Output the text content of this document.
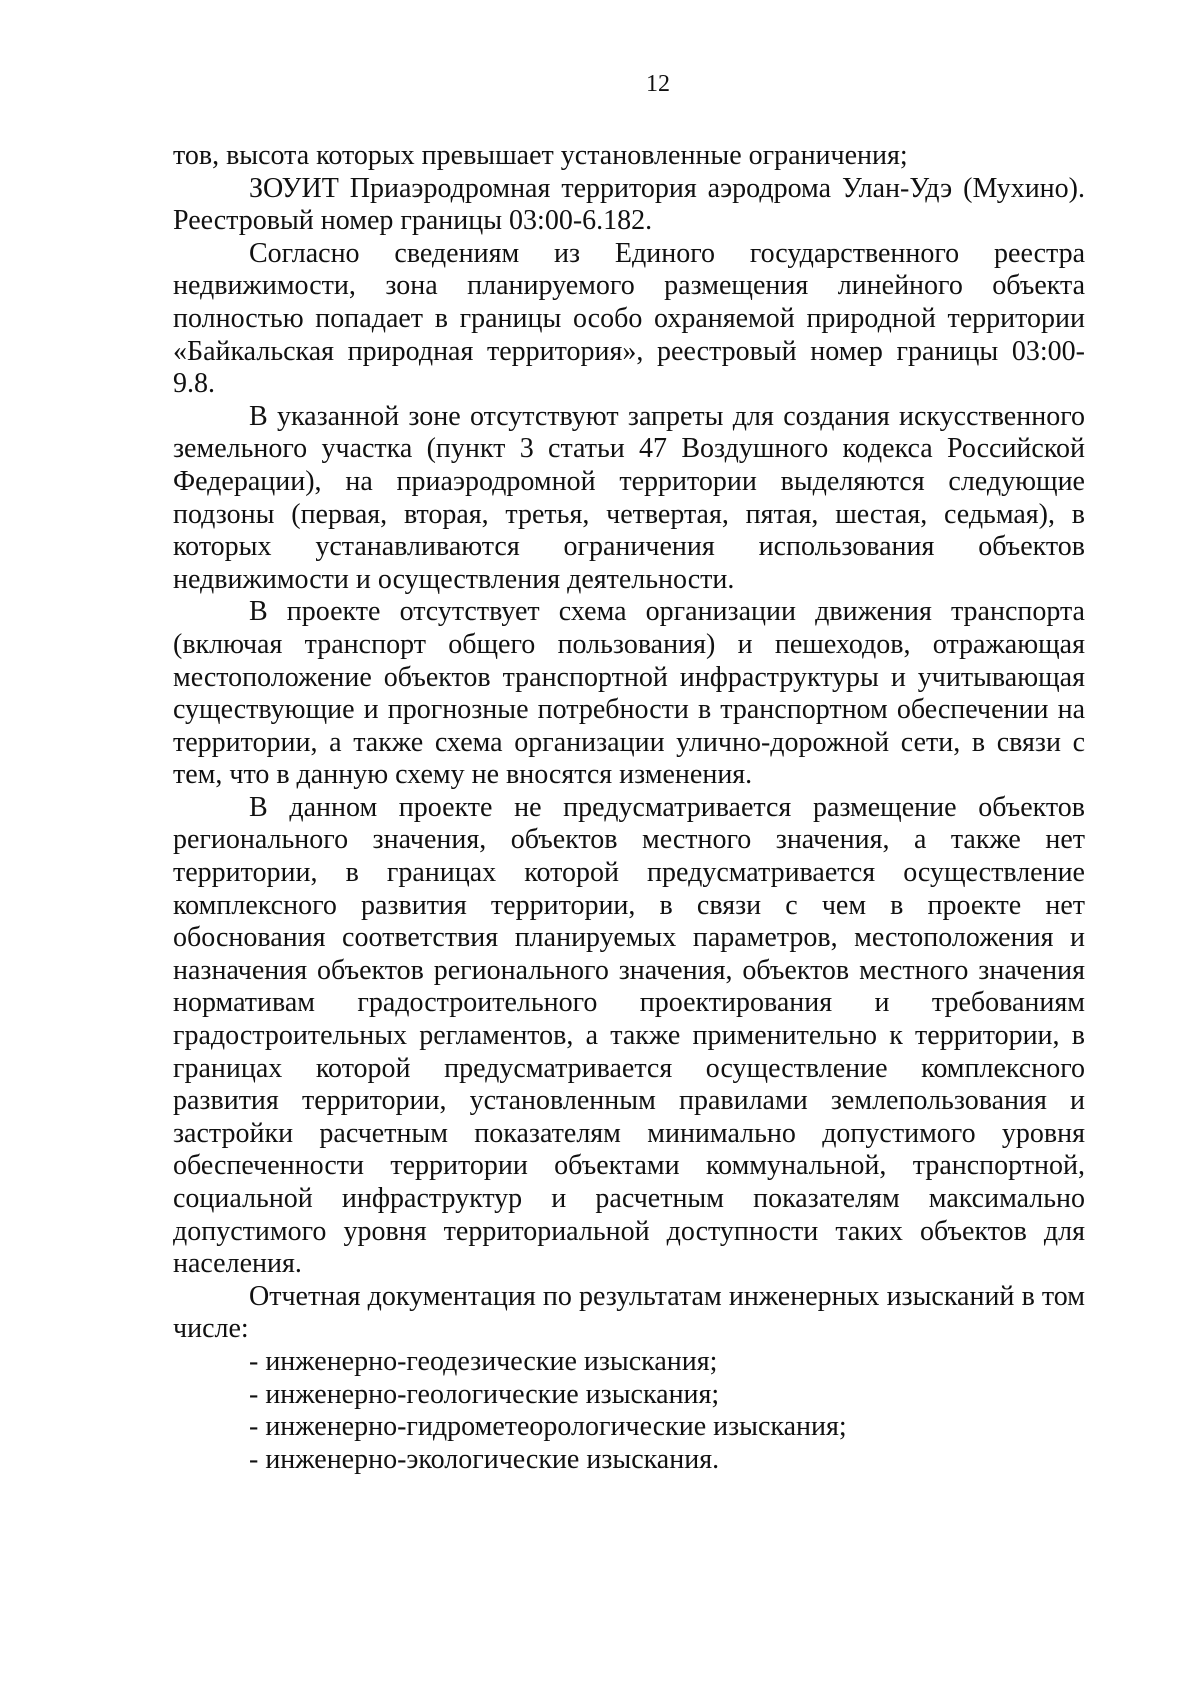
12

тов, высота которых превышает установленные ограничения;

ЗОУИТ Приаэродромная территория аэродрома Улан-Удэ (Мухино). Реестровый номер границы 03:00-6.182.

Согласно сведениям из Единого государственного реестра недвижимости, зона планируемого размещения линейного объекта полностью попадает в границы особо охраняемой природной территории «Байкальская природная территория», реестровый номер границы 03:00-9.8.

В указанной зоне отсутствуют запреты для создания искусственного земельного участка (пункт 3 статьи 47 Воздушного кодекса Российской Федерации), на приаэродромной территории выделяются следующие подзоны (первая, вторая, третья, четвертая, пятая, шестая, седьмая), в которых устанавливаются ограничения использования объектов недвижимости и осуществления деятельности.

В проекте отсутствует схема организации движения транспорта (включая транспорт общего пользования) и пешеходов, отражающая местоположение объектов транспортной инфраструктуры и учитывающая существующие и прогнозные потребности в транспортном обеспечении на территории, а также схема организации улично-дорожной сети, в связи с тем, что в данную схему не вносятся изменения.

В данном проекте не предусматривается размещение объектов регионального значения, объектов местного значения, а также нет территории, в границах которой предусматривается осуществление комплексного развития территории, в связи с чем в проекте нет обоснования соответствия планируемых параметров, местоположения и назначения объектов регионального значения, объектов местного значения нормативам градостроительного проектирования и требованиям градостроительных регламентов, а также применительно к территории, в границах которой предусматривается осуществление комплексного развития территории, установленным правилами землепользования и застройки расчетным показателям минимально допустимого уровня обеспеченности территории объектами коммунальной, транспортной, социальной инфраструктур и расчетным показателям максимально допустимого уровня территориальной доступности таких объектов для населения.

Отчетная документация по результатам инженерных изысканий в том числе:

- инженерно-геодезические изыскания;

- инженерно-геологические изыскания;

- инженерно-гидрометеорологические изыскания;

- инженерно-экологические изыскания.
